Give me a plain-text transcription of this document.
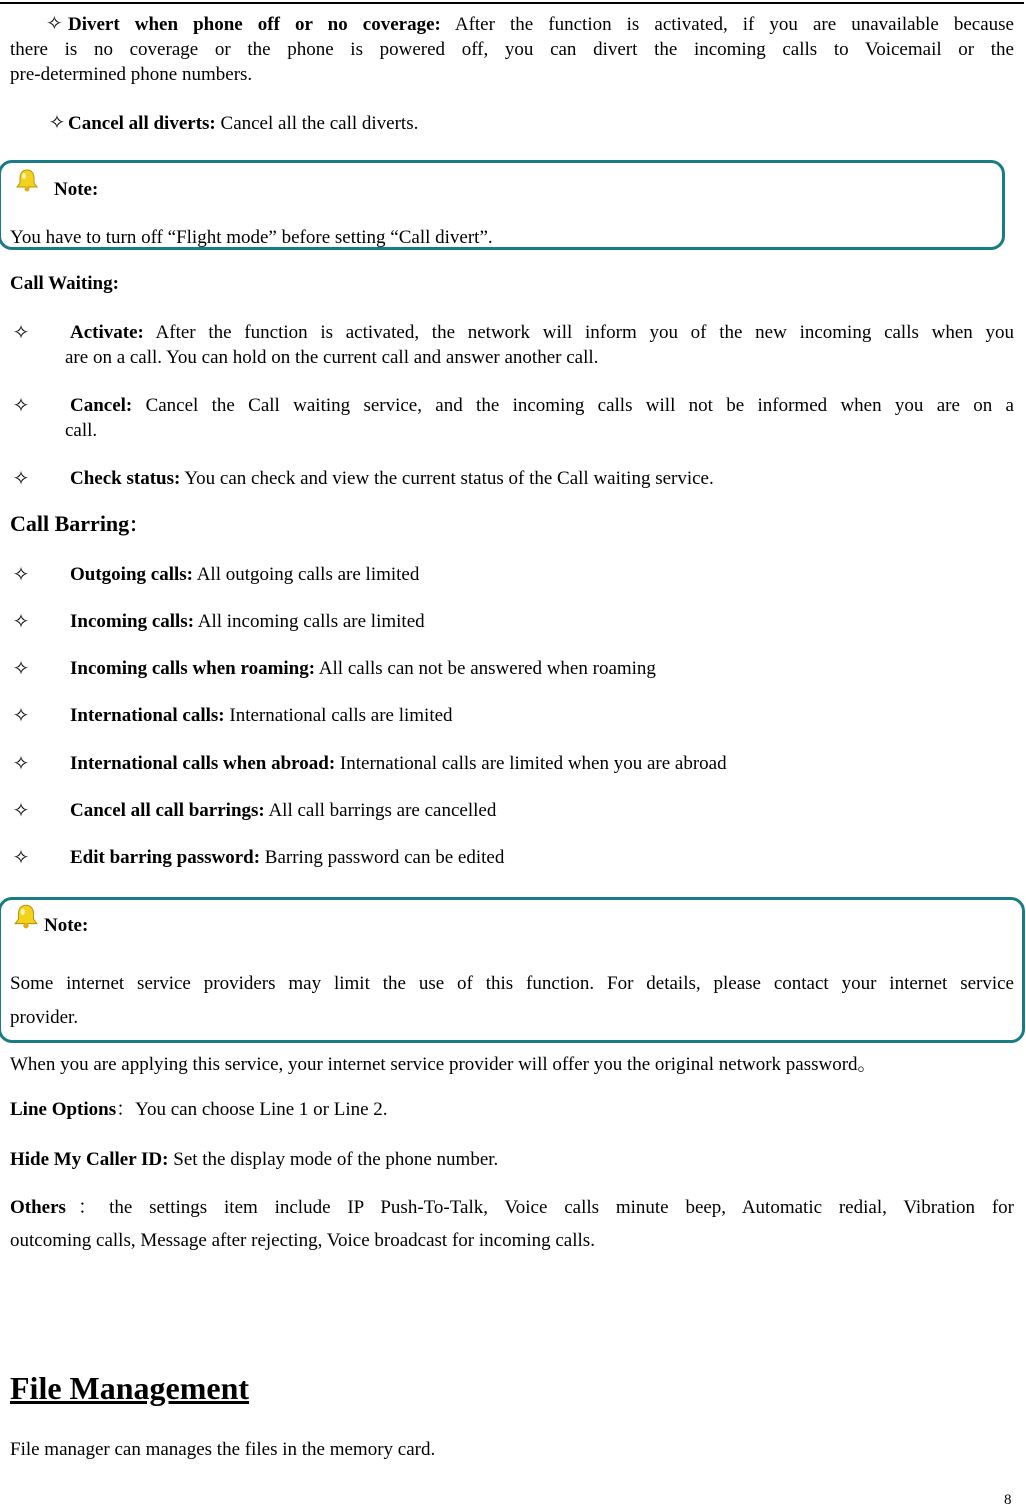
✧ Divert when phone off or no coverage: After the function is activated, if you are unavailable because
there is no coverage or the phone is powered off, you can divert the incoming calls to Voicemail or the
pre-determined phone numbers.
✧ Cancel all diverts: Cancel all the call diverts.
Note:
You have to turn off “Flight mode” before setting “Call divert”.
Call Waiting:
✧ Activate: After the function is activated, the network will inform you of the new incoming calls when you
are on a call. You can hold on the current call and answer another call.
✧ Cancel: Cancel the Call waiting service, and the incoming calls will not be informed when you are on a
call.
✧ Check status: You can check and view the current status of the Call waiting service.
Call Barring：
✧ Outgoing calls: All outgoing calls are limited
✧ Incoming calls: All incoming calls are limited
✧ Incoming calls when roaming: All calls can not be answered when roaming
✧ International calls: International calls are limited
✧ International calls when abroad: International calls are limited when you are abroad
✧ Cancel all call barrings: All call barrings are cancelled
✧ Edit barring password: Barring password can be edited
Note:
Some internet service providers may limit the use of this function. For details, please contact your internet service
provider.
When you are applying this service, your internet service provider will offer you the original network password。
Line Options：You can choose Line 1 or Line 2.
Hide My Caller ID: Set the display mode of the phone number.
Others：the settings item include IP Push-To-Talk, Voice calls minute beep, Automatic redial, Vibration for
outcoming calls, Message after rejecting, Voice broadcast for incoming calls.
File Management
File manager can manages the files in the memory card.
8
